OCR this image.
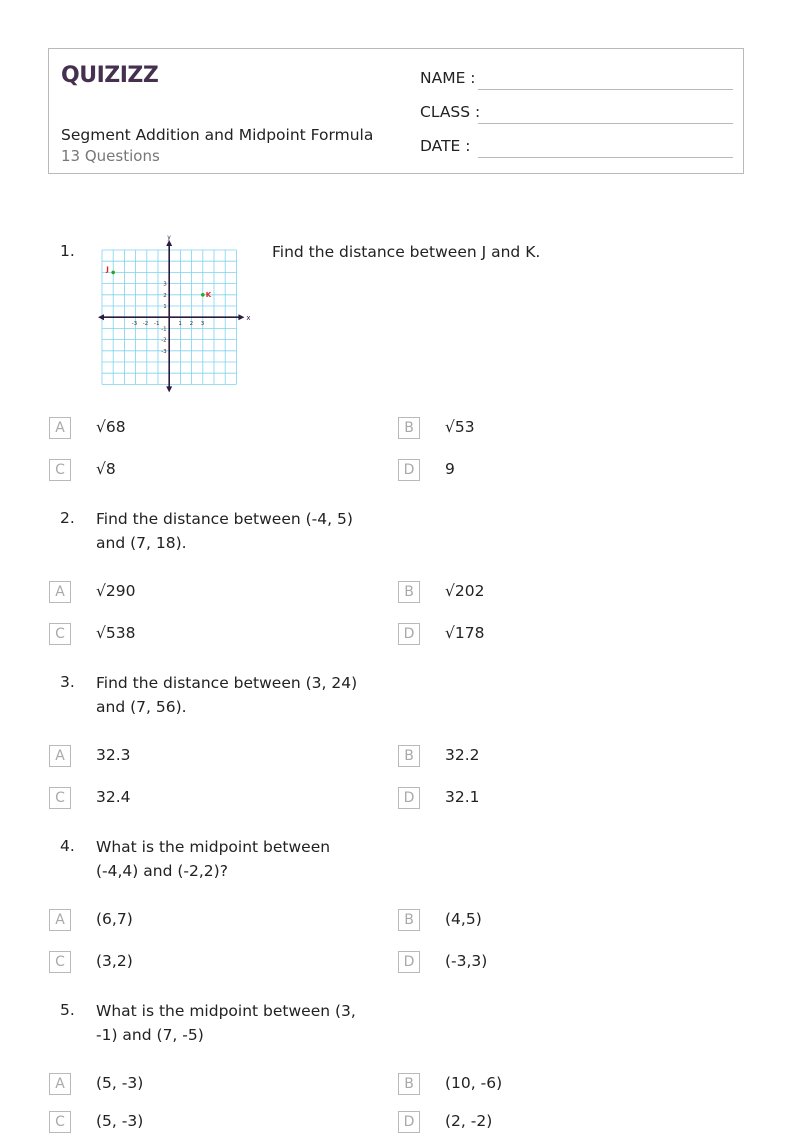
QUIZIZZ
Segment Addition and Midpoint Formula
13 Questions
NAME :
CLASS :
DATE :
1.
x
y
-3 -2 -1	1 2 3
3
2
1
-1
-2
-3
J
K
Find the distance between J and K.
A	√68	B	√53
C	√8	D	9
2. Find the distance between (-4, 5) and (7, 18).
A	√290	B	√202
C	√538	D	√178
3. Find the distance between (3, 24) and (7, 56).
A	32.3	B	32.2
C	32.4	D	32.1
4. What is the midpoint between (-4,4) and (-2,2)?
A	(6,7)	B	(4,5)
C	(3,2)	D	(-3,3)
5. What is the midpoint between (3, -1) and (7, -5)
A	(5, -3)	B	(10, -6)
C	(5, -3)	D	(2, -2)
